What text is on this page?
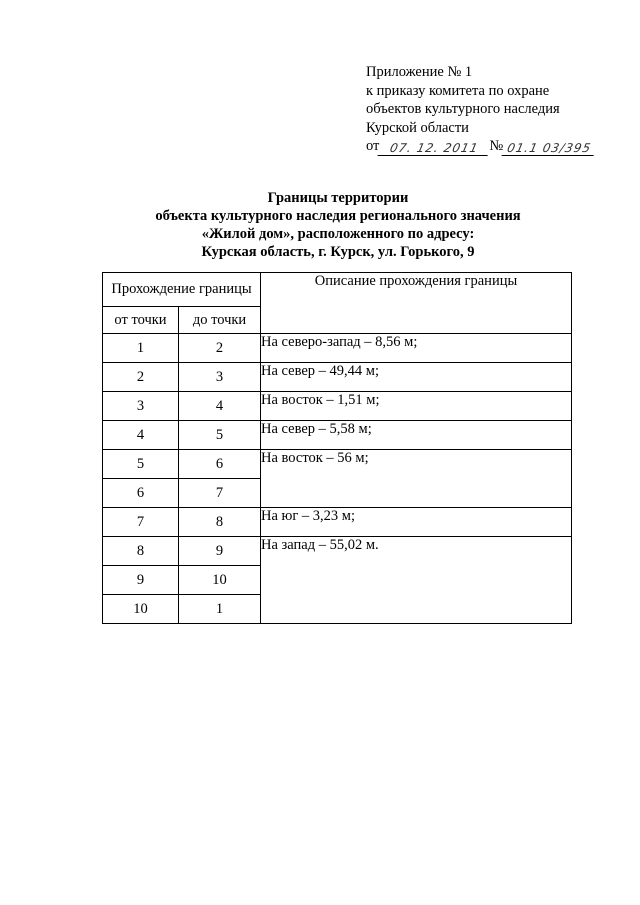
Приложение № 1
к приказу комитета по охране
объектов культурного наследия
Курской области
от 07. 12. 2011 № 01.1 03/395
Границы территории
объекта культурного наследия регионального значения
«Жилой дом», расположенного по адресу:
Курская область, г. Курск, ул. Горького, 9
Прохождение границы		Описание прохождения границы
от точки	до точки	
1	2	На северо-запад – 8,56 м;
2	3	На север – 49,44 м;
3	4	На восток – 1,51 м;
4	5	На север – 5,58 м;
5	6	На восток – 56 м;
6	7	
7	8	На юг – 3,23 м;
8	9	На запад – 55,02 м.
9	10	
10	1	
